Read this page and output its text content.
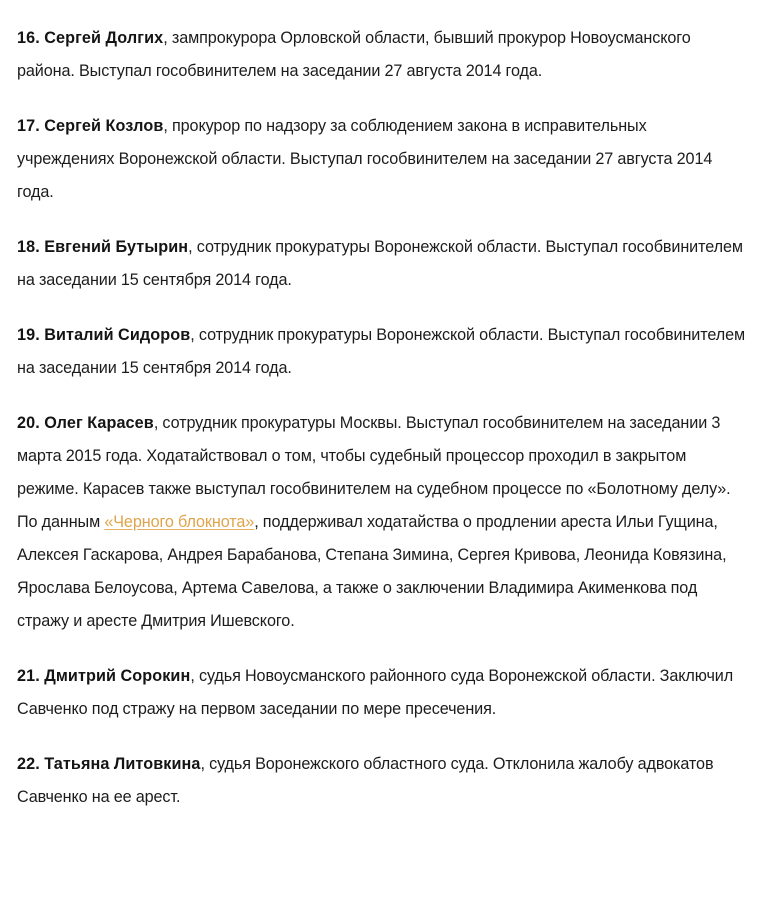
16. Сергей Долгих, зампрокурора Орловской области, бывший прокурор Новоусманского района. Выступал гособвинителем на заседании 27 августа 2014 года.

17. Сергей Козлов, прокурор по надзору за соблюдением закона в исправительных учреждениях Воронежской области. Выступал гособвинителем на заседании 27 августа 2014 года.

18. Евгений Бутырин, сотрудник прокуратуры Воронежской области. Выступал гособвинителем на заседании 15 сентября 2014 года.

19. Виталий Сидоров, сотрудник прокуратуры Воронежской области. Выступал гособвинителем на заседании 15 сентября 2014 года.

20. Олег Карасев, сотрудник прокуратуры Москвы. Выступал гособвинителем на заседании 3 марта 2015 года. Ходатайствовал о том, чтобы судебный процессор проходил в закрытом режиме. Карасев также выступал гособвинителем на судебном процессе по «Болотному делу». По данным «Черного блокнота», поддерживал ходатайства о продлении ареста Ильи Гущина, Алексея Гаскарова, Андрея Барабанова, Степана Зимина, Сергея Кривова, Леонида Ковязина, Ярослава Белоусова, Артема Савелова, а также о заключении Владимира Акименкова под стражу и аресте Дмитрия Ишевского.

21. Дмитрий Сорокин, судья Новоусманского районного суда Воронежской области. Заключил Савченко под стражу на первом заседании по мере пресечения.

22. Татьяна Литовкина, судья Воронежского областного суда. Отклонила жалобу адвокатов Савченко на ее арест.
